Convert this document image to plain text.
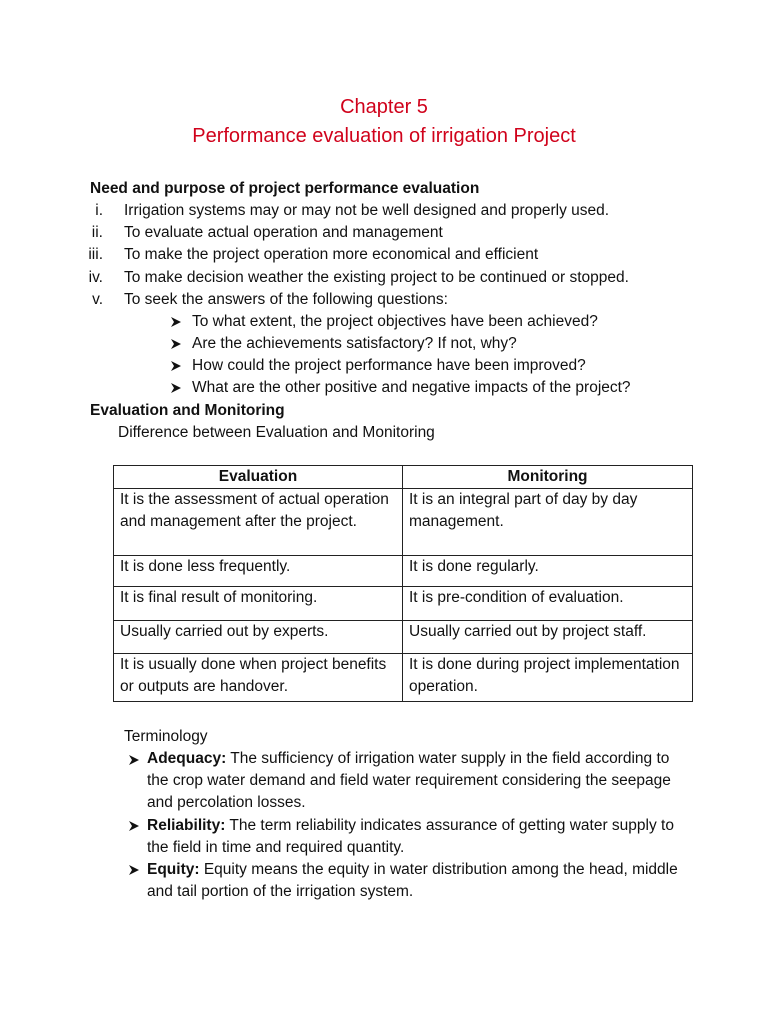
Chapter 5
Performance evaluation of irrigation Project
Need and purpose of project performance evaluation
i. Irrigation systems may or may not be well designed and properly used.
ii. To evaluate actual operation and management
iii. To make the project operation more economical and efficient
iv. To make decision weather the existing project to be continued or stopped.
v. To seek the answers of the following questions:
To what extent, the project objectives have been achieved?
Are the achievements satisfactory? If not, why?
How could the project performance have been improved?
What are the other positive and negative impacts of the project?
Evaluation and Monitoring
Difference between Evaluation and Monitoring
Evaluation	Monitoring
It is the assessment of actual operation and management after the project.	It is an integral part of day by day management.
It is done less frequently.	It is done regularly.
It is final result of monitoring.	It is pre-condition of evaluation.
Usually carried out by experts.	Usually carried out by project staff.
It is usually done when project benefits or outputs are handover.	It is done during project implementation operation.
Terminology
Adequacy: The sufficiency of irrigation water supply in the field according to the crop water demand and field water requirement considering the seepage and percolation losses.
Reliability: The term reliability indicates assurance of getting water supply to the field in time and required quantity.
Equity: Equity means the equity in water distribution among the head, middle and tail portion of the irrigation system.
